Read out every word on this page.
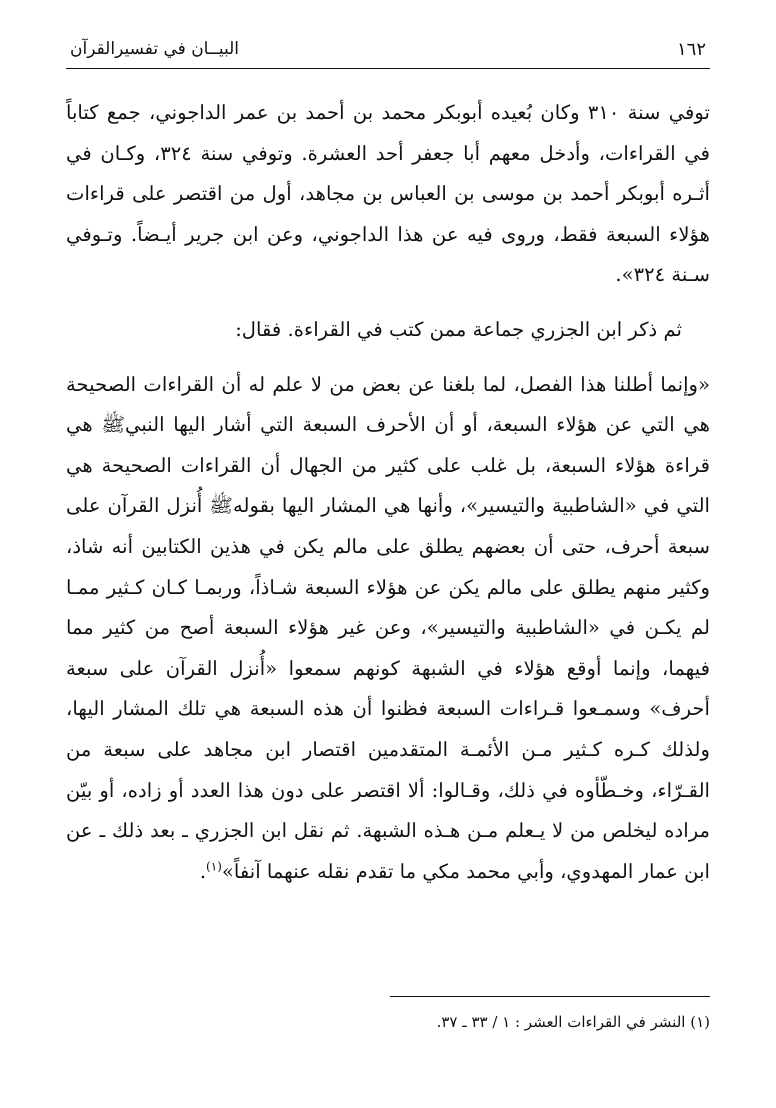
١٦٢
البيــان في تفسيرالقرآن

توفي سنة ٣١٠ وكان بُعيده أبوبكر محمد بن أحمد بن عمر الداجوني، جمع كتاباً في القراءات، وأدخل معهم أبا جعفر أحد العشرة. وتوفي سنة ٣٢٤، وكـان في أثـره أبوبكر أحمد بن موسى بن العباس بن مجاهد، أول من اقتصر على قراءات هؤلاء السبعة فقط، وروى فيه عن هذا الداجوني، وعن ابن جرير أيـضاً. وتـوفي سـنة ٣٢٤».

ثم ذكر ابن الجزري جماعة ممن كتب في القراءة. فقال:

«وإنما أطلنا هذا الفصل، لما بلغنا عن بعض من لا علم له أن القراءات الصحيحة هي التي عن هؤلاء السبعة، أو أن الأحرف السبعة التي أشار اليها النبيﷺ هي قراءة هؤلاء السبعة، بل غلب على كثير من الجهال أن القراءات الصحيحة هي التي في «الشاطبية والتيسير»، وأنها هي المشار اليها بقولهﷺ أُنزل القرآن على سبعة أحرف، حتى أن بعضهم يطلق على مالم يكن في هذين الكتابين أنه شاذ، وكثير منهم يطلق على مالم يكن عن هؤلاء السبعة شـاذاً، وربمـا كـان كـثير ممـا لم يكـن في «الشاطبية والتيسير»، وعن غير هؤلاء السبعة أصح من كثير مما فيهما، وإنما أوقع هؤلاء في الشبهة كونهم سمعوا «أُنزل القرآن على سبعة أحرف» وسمـعوا قـراءات السبعة فظنوا أن هذه السبعة هي تلك المشار اليها، ولذلك كـره كـثير مـن الأئمـة المتقدمين اقتصار ابن مجاهد على سبعة من القـرّاء، وخـطّأوه في ذلك، وقـالوا: ألا اقتصر على دون هذا العدد أو زاده، أو بيّن مراده ليخلص من لا يـعلم مـن هـذه الشبهة. ثم نقل ابن الجزري ـ بعد ذلك ـ عن ابن عمار المهدوي، وأبي محمد مكي ما تقدم نقله عنهما آنفاً»$^{(١)}$.

(١) النشر في القراءات العشر : ١ / ٣٣ ـ ٣٧.
